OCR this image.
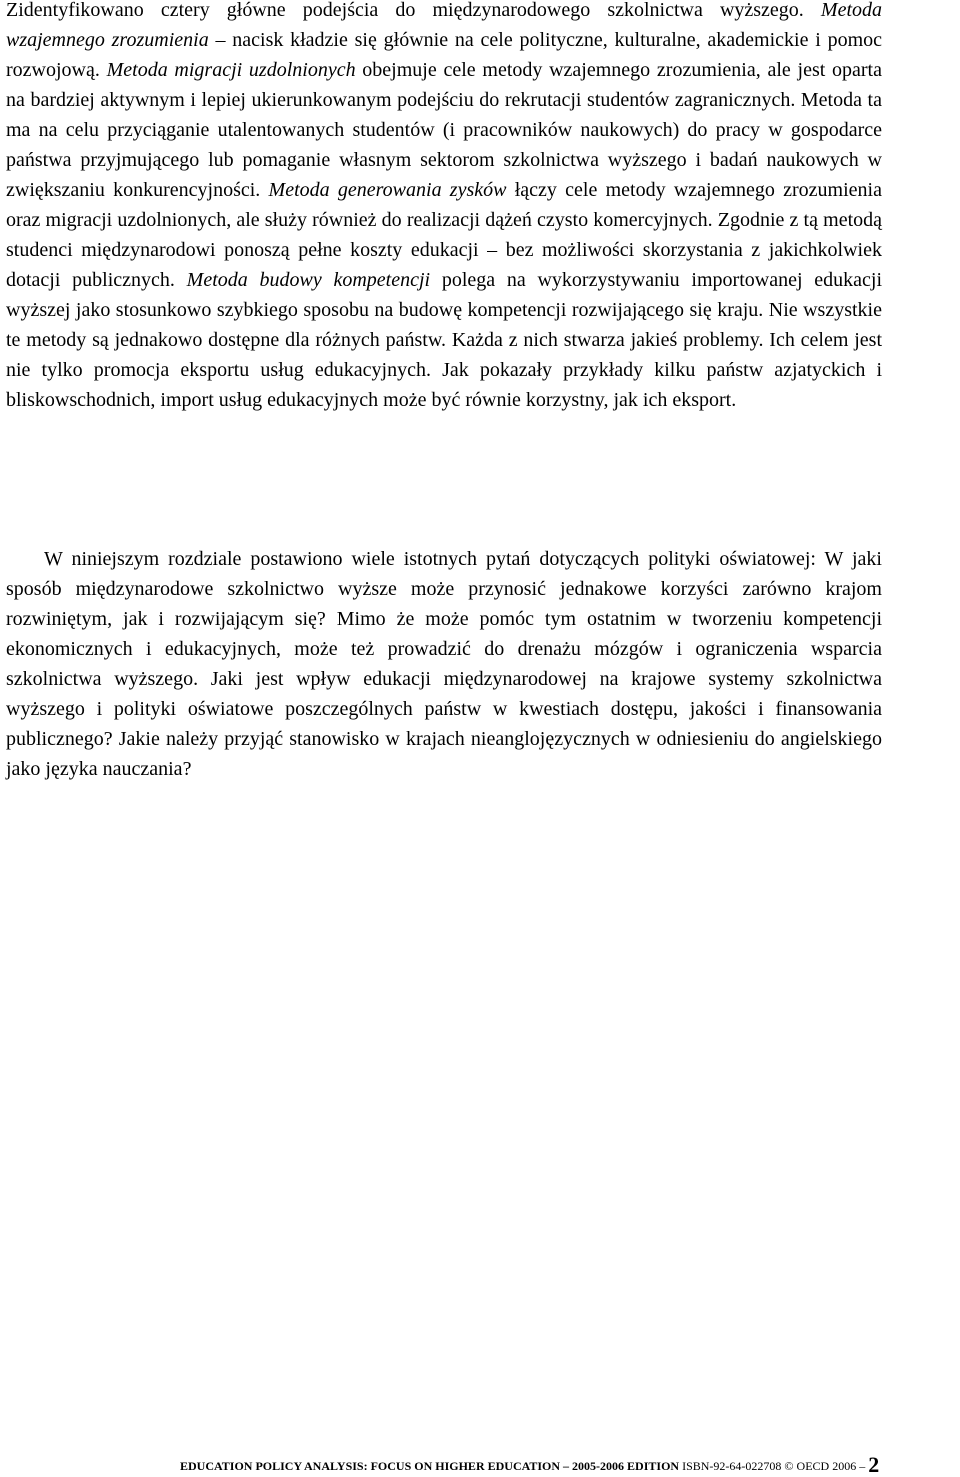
Zidentyfikowano cztery główne podejścia do międzynarodowego szkolnictwa wyższego. Metoda wzajemnego zrozumienia – nacisk kładzie się głównie na cele polityczne, kulturalne, akademickie i pomoc rozwojową. Metoda migracji uzdolnionych obejmuje cele metody wzajemnego zrozumienia, ale jest oparta na bardziej aktywnym i lepiej ukierunkowanym podejściu do rekrutacji studentów zagranicznych. Metoda ta ma na celu przyciąganie utalentowanych studentów (i pracowników naukowych) do pracy w gospodarce państwa przyjmującego lub pomaganie własnym sektorom szkolnictwa wyższego i badań naukowych w zwiększaniu konkurencyjności. Metoda generowania zysków łączy cele metody wzajemnego zrozumienia oraz migracji uzdolnionych, ale służy również do realizacji dążeń czysto komercyjnych. Zgodnie z tą metodą studenci międzynarodowi ponoszą pełne koszty edukacji – bez możliwości skorzystania z jakichkolwiek dotacji publicznych. Metoda budowy kompetencji polega na wykorzystywaniu importowanej edukacji wyższej jako stosunkowo szybkiego sposobu na budowę kompetencji rozwijającego się kraju. Nie wszystkie te metody są jednakowo dostępne dla różnych państw. Każda z nich stwarza jakieś problemy. Ich celem jest nie tylko promocja eksportu usług edukacyjnych. Jak pokazały przykłady kilku państw azjatyckich i bliskowschodnich, import usług edukacyjnych może być równie korzystny, jak ich eksport.

W niniejszym rozdziale postawiono wiele istotnych pytań dotyczących polityki oświatowej: W jaki sposób międzynarodowe szkolnictwo wyższe może przynosić jednakowe korzyści zarówno krajom rozwiniętym, jak i rozwijającym się? Mimo że może pomóc tym ostatnim w tworzeniu kompetencji ekonomicznych i edukacyjnych, może też prowadzić do drenażu mózgów i ograniczenia wsparcia szkolnictwa wyższego. Jaki jest wpływ edukacji międzynarodowej na krajowe systemy szkolnictwa wyższego i polityki oświatowe poszczególnych państw w kwestiach dostępu, jakości i finansowania publicznego? Jakie należy przyjąć stanowisko w krajach nieanglojęzycznych w odniesieniu do angielskiego jako języka nauczania?

EDUCATION POLICY ANALYSIS: FOCUS ON HIGHER EDUCATION – 2005-2006 EDITION ISBN-92-64-022708 © OECD 2006 – 2
